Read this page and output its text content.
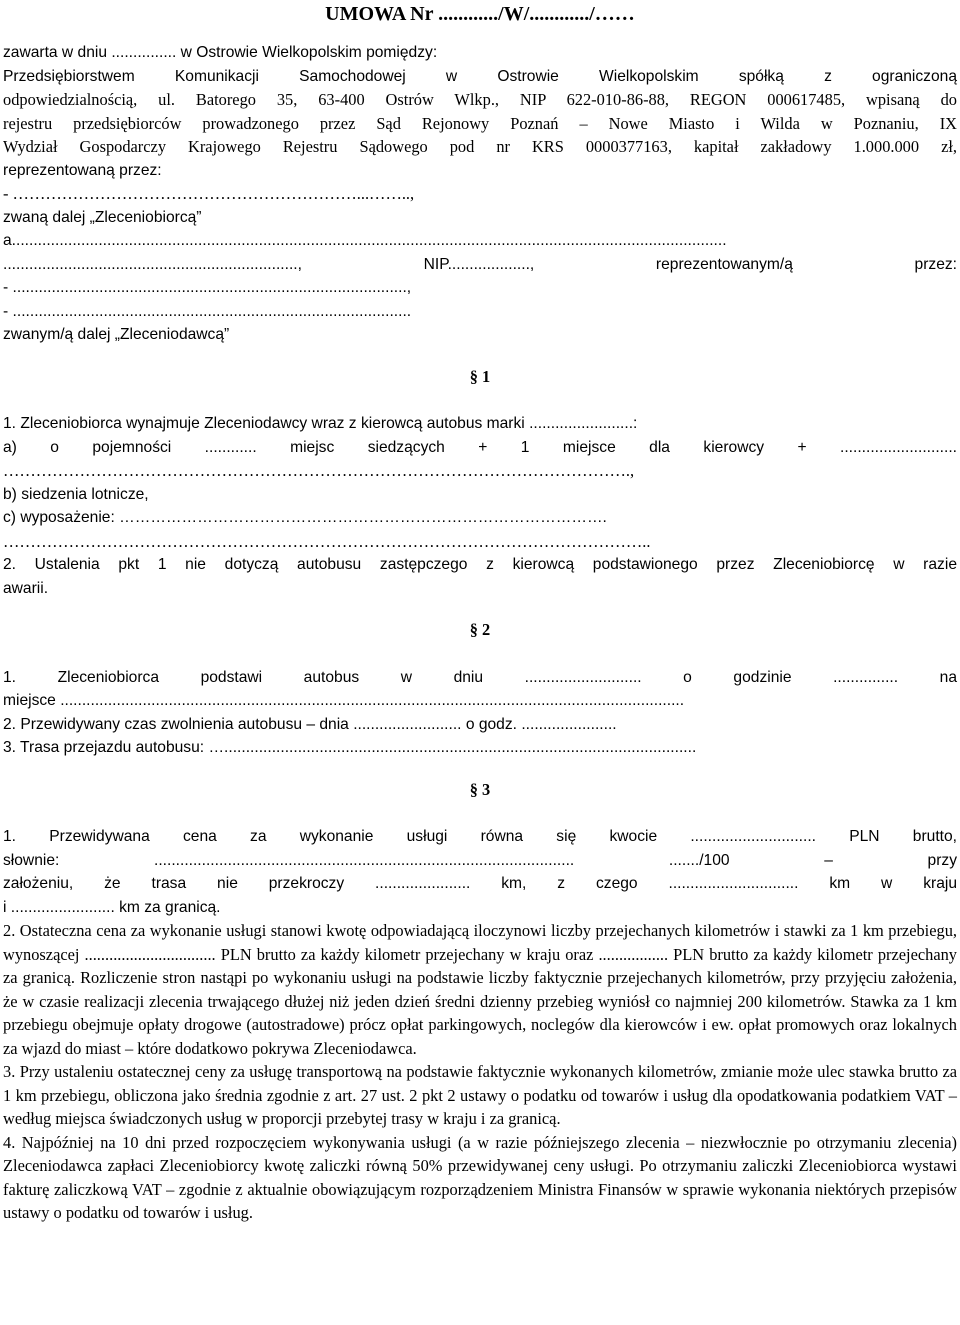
UMOWA Nr ............/W/............/……

zawarta w dniu ............... w Ostrowie Wielkopolskim pomiędzy:

Przedsiębiorstwem Komunikacji Samochodowej w Ostrowie Wielkopolskim spółką z ograniczoną

odpowiedzialnością, ul. Batorego 35, 63-400 Ostrów Wlkp., NIP 622-010-86-88, REGON 000617485, wpisaną do

rejestru przedsiębiorców prowadzonego przez Sąd Rejonowy Poznań – Nowe Miasto i Wilda w Poznaniu, IX

Wydział Gospodarczy Krajowego Rejestru Sądowego pod nr KRS 0000377163, kapitał zakładowy 1.000.000 zł,

reprezentowaną przez:

- ………………………………………………………...……..,

zwaną dalej „Zleceniobiorcą”

a.....................................................................................................................................................................

...................................................................., NIP..................., reprezentowanym/ą przez:

- ...........................................................................................,

- ............................................................................................

zwanym/ą dalej „Zleceniodawcą”

§ 1

1. Zleceniobiorca wynajmuje Zleceniodawcy wraz z kierowcą autobus marki ........................:

a) o pojemności ............ miejsc siedzących + 1 miejsce dla kierowcy + ...........................

…………………………………………………………………………………………………….,

b) siedzenia lotnicze,

c) wyposażenie: ………………………………………………………………………………….

………………………………………………………………………………………………………..

2. Ustalenia pkt 1 nie dotyczą autobusu zastępczego z kierowcą podstawionego przez Zleceniobiorcę w razie

awarii.

§ 2

1. Zleceniobiorca podstawi autobus w dniu ........................... o godzinie ............... na

miejsce ................................................................................................................................................

2. Przewidywany czas zwolnienia autobusu – dnia ......................... o godz. ......................

3. Trasa przejazdu autobusu: ….............................................................................................................

§ 3

1. Przewidywana cena za wykonanie usługi równa się kwocie ............................. PLN brutto,

słownie: ................................................................................................. ......./100 – przy

założeniu, że trasa nie przekroczy ...................... km, z czego .............................. km w kraju

i ........................ km za granicą.

2. Ostateczna cena za wykonanie usługi stanowi kwotę odpowiadającą iloczynowi liczby przejechanych kilometrów i stawki za 1 km przebiegu, wynoszącej ................................ PLN brutto za każdy kilometr przejechany w kraju oraz ................. PLN brutto za każdy kilometr przejechany za granicą. Rozliczenie stron nastąpi po wykonaniu usługi na podstawie liczby faktycznie przejechanych kilometrów, przy przyjęciu założenia, że w czasie realizacji zlecenia trwającego dłużej niż jeden dzień średni dzienny przebieg wyniósł co najmniej 200 kilometrów. Stawka za 1 km przebiegu obejmuje opłaty drogowe (autostradowe) prócz opłat parkingowych, noclegów dla kierowców i ew. opłat promowych oraz lokalnych za wjazd do miast – które dodatkowo pokrywa Zleceniodawca.

3. Przy ustaleniu ostatecznej ceny za usługę transportową na podstawie faktycznie wykonanych kilometrów, zmianie może ulec stawka brutto za 1 km przebiegu, obliczona jako średnia zgodnie z art. 27 ust. 2 pkt 2 ustawy o podatku od towarów i usług dla opodatkowania podatkiem VAT – według miejsca świadczonych usług w proporcji przebytej trasy w kraju i za granicą.

4. Najpóźniej na 10 dni przed rozpoczęciem wykonywania usługi (a w razie późniejszego zlecenia – niezwłocznie po otrzymaniu zlecenia) Zleceniodawca zapłaci Zleceniobiorcy kwotę zaliczki równą 50% przewidywanej ceny usługi. Po otrzymaniu zaliczki Zleceniobiorca wystawi fakturę zaliczkową VAT – zgodnie z aktualnie obowiązującym rozporządzeniem Ministra Finansów w sprawie wykonania niektórych przepisów ustawy o podatku od towarów i usług.
